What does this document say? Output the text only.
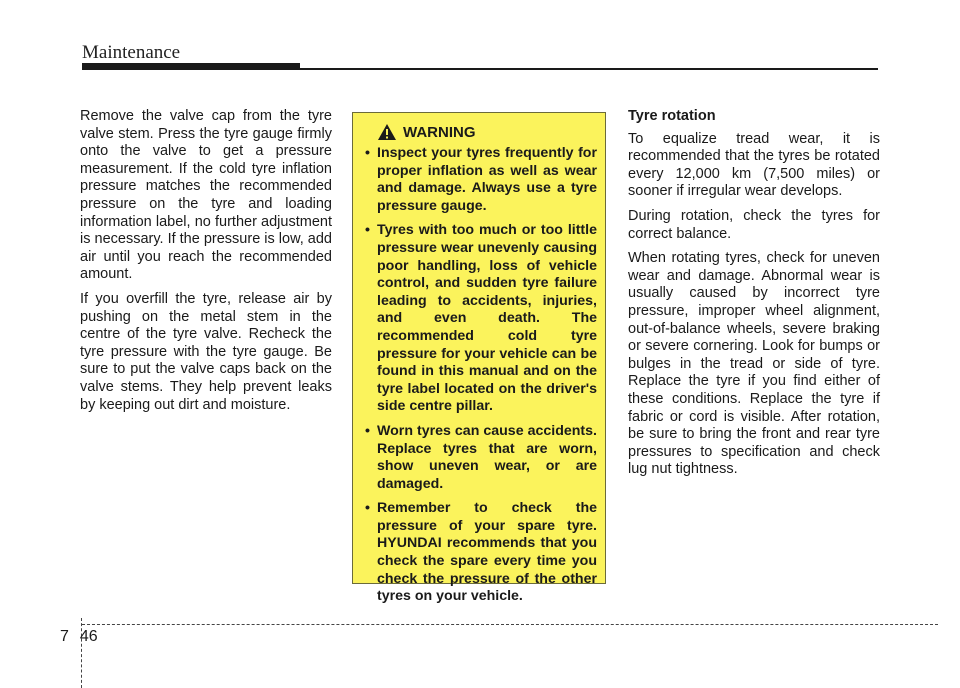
Maintenance

Remove the valve cap from the tyre valve stem. Press the tyre gauge firmly onto the valve to get a pressure measurement. If the cold tyre inflation pressure matches the recommended pressure on the tyre and loading information label, no further adjustment is necessary. If the pressure is low, add air until you reach the recommended amount.

If you overfill the tyre, release air by pushing on the metal stem in the centre of the tyre valve. Recheck the tyre pressure with the tyre gauge. Be sure to put the valve caps back on the valve stems. They help prevent leaks by keeping out dirt and moisture.

WARNING
• Inspect your tyres frequently for proper inflation as well as wear and damage. Always use a tyre pressure gauge.
• Tyres with too much or too little pressure wear unevenly causing poor handling, loss of vehicle control, and sudden tyre failure leading to accidents, injuries, and even death. The recommended cold tyre pressure for your vehicle can be found in this manual and on the tyre label located on the driver's side centre pillar.
• Worn tyres can cause accidents. Replace tyres that are worn, show uneven wear, or are damaged.
• Remember to check the pressure of your spare tyre. HYUNDAI recommends that you check the spare every time you check the pressure of the other tyres on your vehicle.
Tyre rotation

To equalize tread wear, it is recommended that the tyres be rotated every 12,000 km (7,500 miles) or sooner if irregular wear develops.

During rotation, check the tyres for correct balance.

When rotating tyres, check for uneven wear and damage. Abnormal wear is usually caused by incorrect tyre pressure, improper wheel alignment, out-of-balance wheels, severe braking or severe cornering. Look for bumps or bulges in the tread or side of tyre. Replace the tyre if you find either of these conditions. Replace the tyre if fabric or cord is visible. After rotation, be sure to bring the front and rear tyre pressures to specification and check lug nut tightness.

7 46
